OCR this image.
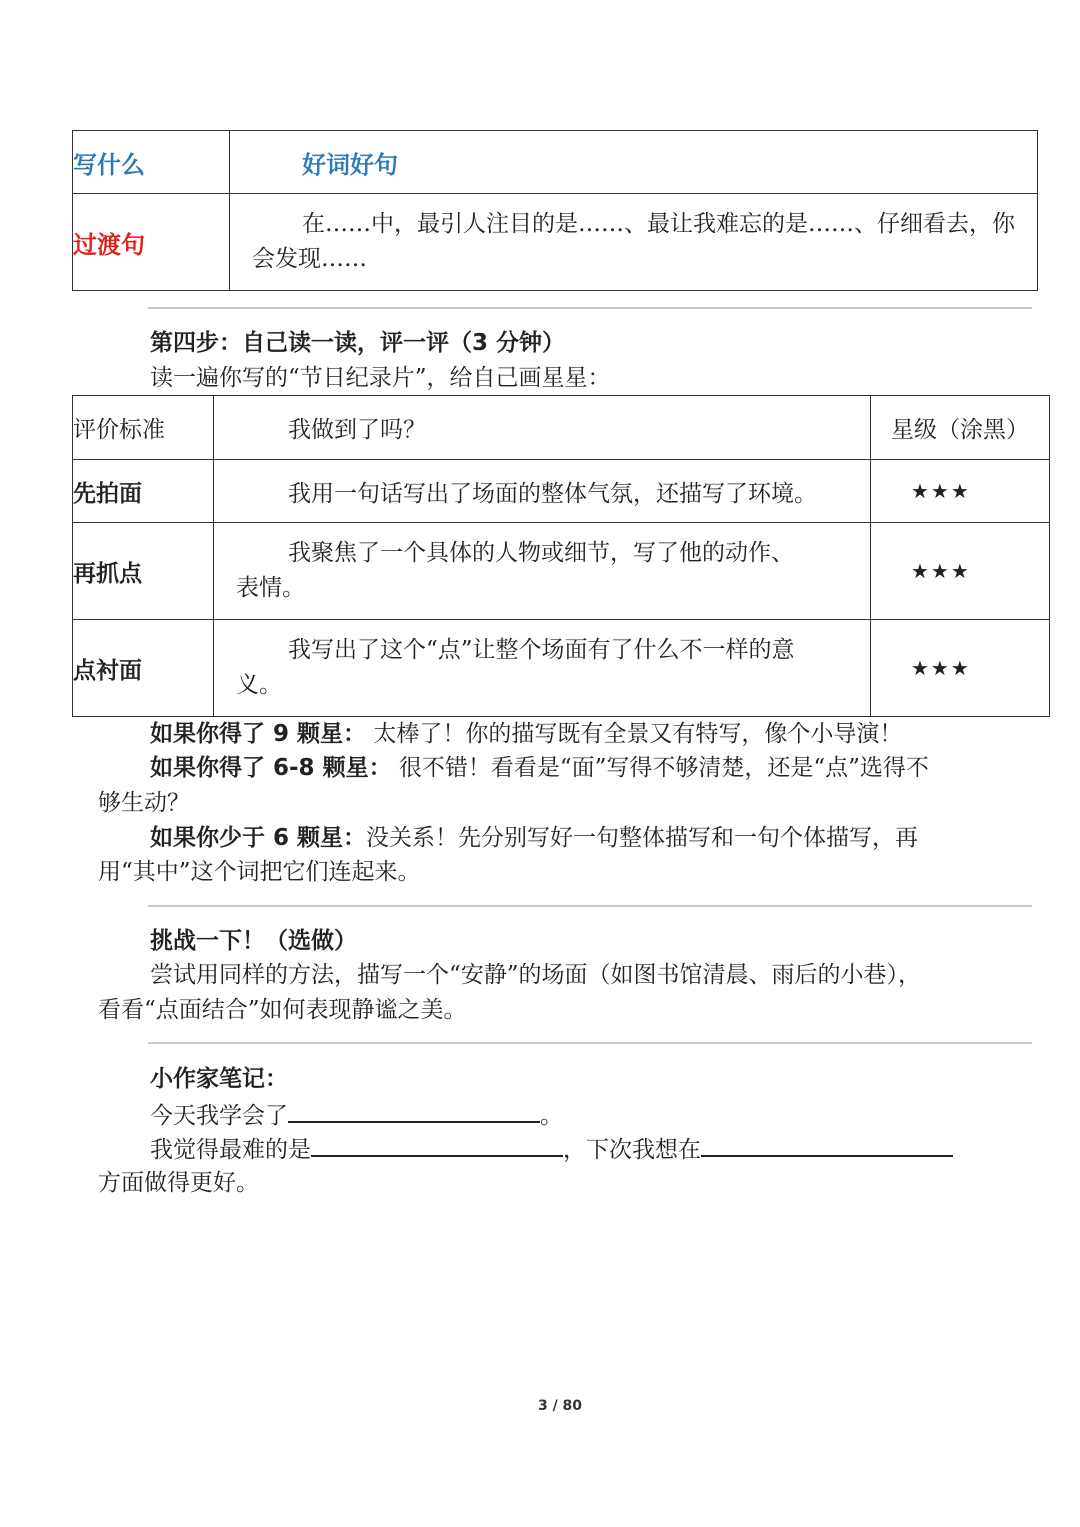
写什么	好词好句
过渡句	在……中，最引人注目的是……、最让我难忘的是……、仔细看去，你
会发现……
第四步：自己读一读，评一评（3 分钟）
读一遍你写的“节日纪录片”，给自己画星星：
评价标准	我做到了吗？	星级（涂黑）
先拍面	我用一句话写出了场面的整体气氛，还描写了环境。	★★★
再抓点	我聚焦了一个具体的人物或细节，写了他的动作、
表情。	★★★
点衬面	我写出了这个“点”让整个场面有了什么不一样的意
义。	★★★
如果你得了 9 颗星： 太棒了！你的描写既有全景又有特写，像个小导演！
如果你得了 6-8 颗星： 很不错！看看是“面”写得不够清楚，还是“点”选得不
够生动？
如果你少于 6 颗星：没关系！先分别写好一句整体描写和一句个体描写，再
用“其中”这个词把它们连起来。
挑战一下！（选做）
尝试用同样的方法，描写一个“安静”的场面（如图书馆清晨、雨后的小巷），
看看“点面结合”如何表现静谧之美。
小作家笔记：
今天我学会了	。
我觉得最难的是	，下次我想在
方面做得更好。
3 / 80
